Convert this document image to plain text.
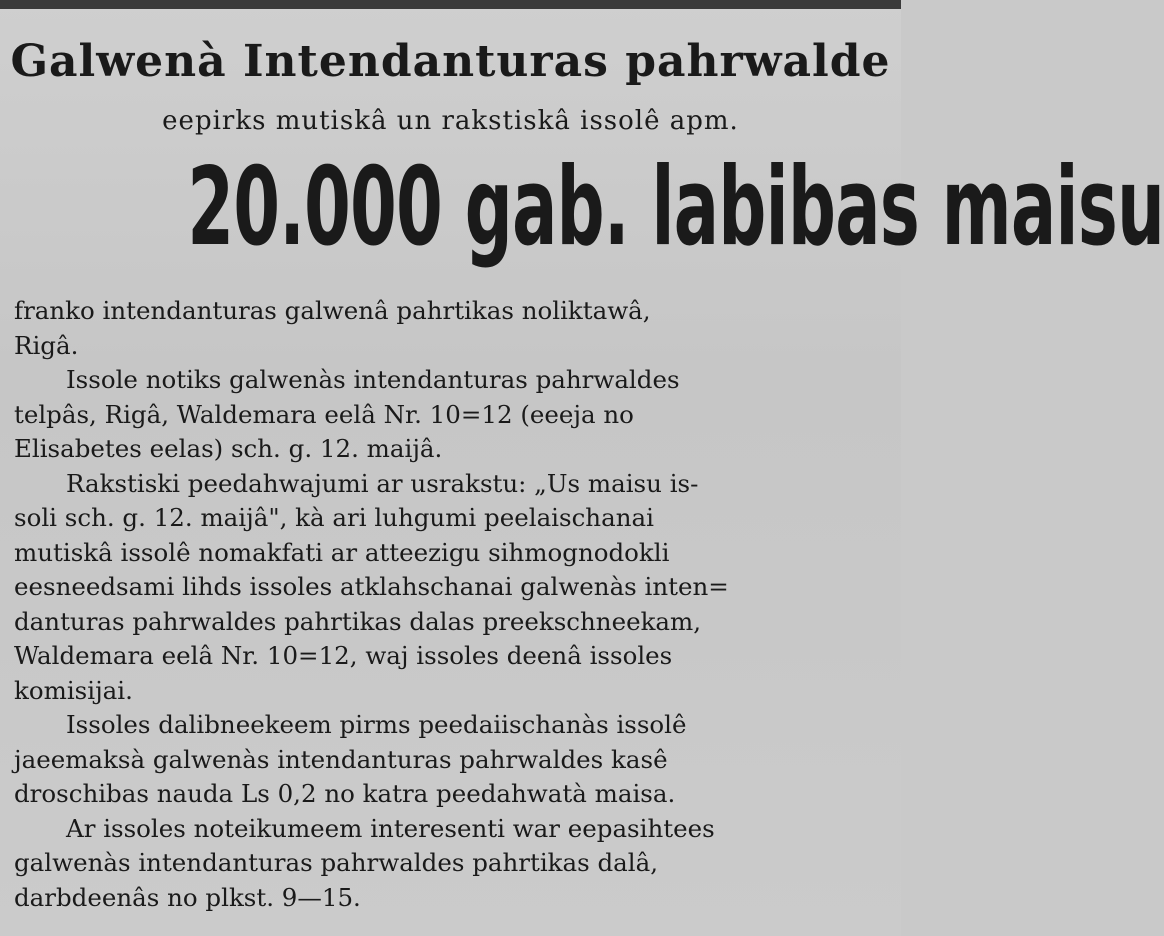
Galwenà Intendanturas pahrwalde
eepirks mutiskâ un rakstiskâ issolê apm.
20.000 gab. labibas maisu

franko intendanturas galwenâ pahrtikas noliktawâ,
Rigâ.

Issole notiks galwenàs intendanturas pahrwaldes
telpâs, Rigâ, Waldemara eelâ Nr. 10=12 (eeeja no
Elisabetes eelas) sch. g. 12. maijâ.

Rakstiski peedahwajumi ar usrakstu: „Us maisu is-
soli sch. g. 12. maijâ", kà ari luhgumi peelaischanai
mutiskâ issolê nomakfati ar atteezigu sihmognodokli
eesneedsami lihds issoles atklahschanai galwenàs inten=
danturas pahrwaldes pahrtikas dalas preekschneekam,
Waldemara eelâ Nr. 10=12, waj issoles deenâ issoles
komisijai.

Issoles dalibneekeem pirms peedaiischanàs issolê
jaeemaksà galwenàs intendanturas pahrwaldes kasê
droschibas nauda Ls 0,2 no katra peedahwatà maisa.

Ar issoles noteikumeem interesenti war eepasihtees
galwenàs intendanturas pahrwaldes pahrtikas dalâ,
darbdeenâs no plkst. 9—15.
